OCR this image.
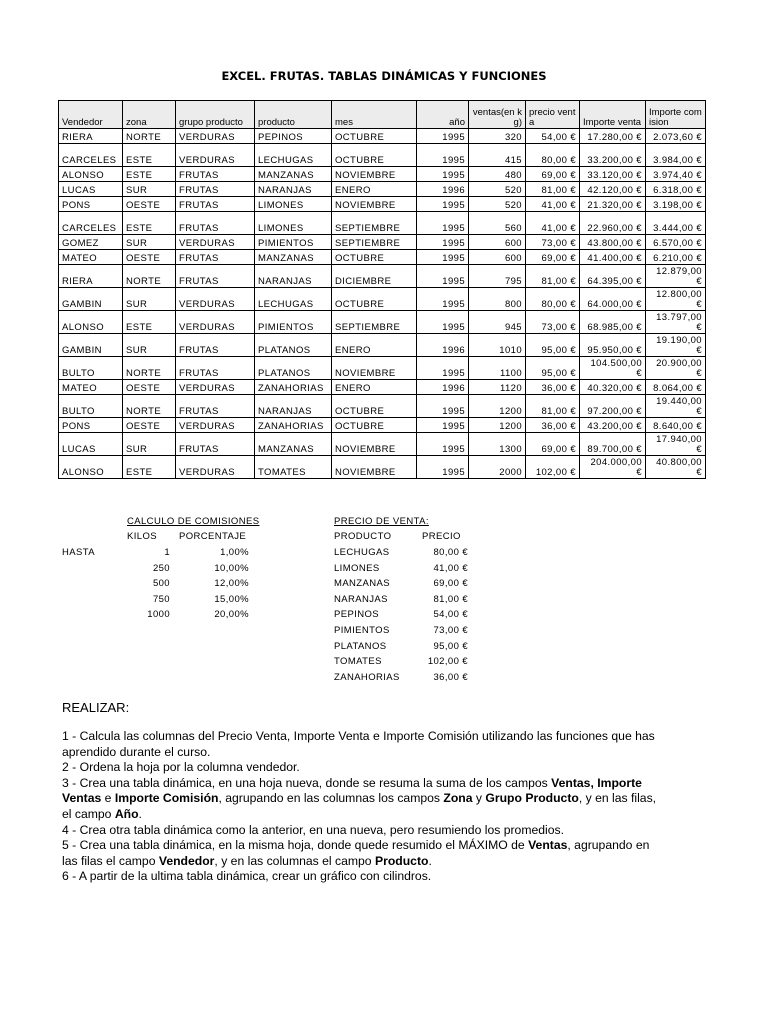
EXCEL. FRUTAS. TABLAS DINÁMICAS Y FUNCIONES
Vendedor	zona	grupo producto	producto	mes	año	ventas(en kg)	precio venta	Importe venta	Importe comision
RIERA	NORTE	VERDURAS	PEPINOS	OCTUBRE	1995	320	54,00 €	17.280,00 €	2.073,60 €
CARCELES	ESTE	VERDURAS	LECHUGAS	OCTUBRE	1995	415	80,00 €	33.200,00 €	3.984,00 €
ALONSO	ESTE	FRUTAS	MANZANAS	NOVIEMBRE	1995	480	69,00 €	33.120,00 €	3.974,40 €
LUCAS	SUR	FRUTAS	NARANJAS	ENERO	1996	520	81,00 €	42.120,00 €	6.318,00 €
PONS	OESTE	FRUTAS	LIMONES	NOVIEMBRE	1995	520	41,00 €	21.320,00 €	3.198,00 €
CARCELES	ESTE	FRUTAS	LIMONES	SEPTIEMBRE	1995	560	41,00 €	22.960,00 €	3.444,00 €
GOMEZ	SUR	VERDURAS	PIMIENTOS	SEPTIEMBRE	1995	600	73,00 €	43.800,00 €	6.570,00 €
MATEO	OESTE	FRUTAS	MANZANAS	OCTUBRE	1995	600	69,00 €	41.400,00 €	6.210,00 €
RIERA	NORTE	FRUTAS	NARANJAS	DICIEMBRE	1995	795	81,00 €	64.395,00 €	12.879,00 €
GAMBIN	SUR	VERDURAS	LECHUGAS	OCTUBRE	1995	800	80,00 €	64.000,00 €	12.800,00 €
ALONSO	ESTE	VERDURAS	PIMIENTOS	SEPTIEMBRE	1995	945	73,00 €	68.985,00 €	13.797,00 €
GAMBIN	SUR	FRUTAS	PLATANOS	ENERO	1996	1010	95,00 €	95.950,00 €	19.190,00 €
BULTO	NORTE	FRUTAS	PLATANOS	NOVIEMBRE	1995	1100	95,00 €	104.500,00 €	20.900,00 €
MATEO	OESTE	VERDURAS	ZANAHORIAS	ENERO	1996	1120	36,00 €	40.320,00 €	8.064,00 €
BULTO	NORTE	FRUTAS	NARANJAS	OCTUBRE	1995	1200	81,00 €	97.200,00 €	19.440,00 €
PONS	OESTE	VERDURAS	ZANAHORIAS	OCTUBRE	1995	1200	36,00 €	43.200,00 €	8.640,00 €
LUCAS	SUR	FRUTAS	MANZANAS	NOVIEMBRE	1995	1300	69,00 €	89.700,00 €	17.940,00 €
ALONSO	ESTE	VERDURAS	TOMATES	NOVIEMBRE	1995	2000	102,00 €	204.000,00 €	40.800,00 €
CALCULO DE COMISIONES
KILOS PORCENTAJE
HASTA	1	1,00%
250	10,00%
500	12,00%
750	15,00%
1000	20,00%
PRECIO DE VENTA:
PRODUCTO	PRECIO
LECHUGAS	80,00 €
LIMONES	41,00 €
MANZANAS	69,00 €
NARANJAS	81,00 €
PEPINOS	54,00 €
PIMIENTOS	73,00 €
PLATANOS	95,00 €
TOMATES	102,00 €
ZANAHORIAS	36,00 €
REALIZAR:

1 - Calcula las columnas del Precio Venta, Importe Venta e Importe Comisión utilizando las funciones que has aprendido durante el curso.

2 - Ordena la hoja por la columna vendedor.

3 - Crea una tabla dinámica, en una hoja nueva, donde se resuma la suma de los campos Ventas, Importe Ventas e Importe Comisión, agrupando en las columnas los campos Zona y Grupo Producto, y en las filas, el campo Año.

4 - Crea otra tabla dinámica como la anterior, en una nueva, pero resumiendo los promedios.

5 - Crea una tabla dinámica, en la misma hoja, donde quede resumido el MÁXIMO de Ventas, agrupando en las filas el campo Vendedor, y en las columnas el campo Producto.

6 - A partir de la ultima tabla dinámica, crear un gráfico con cilindros.
